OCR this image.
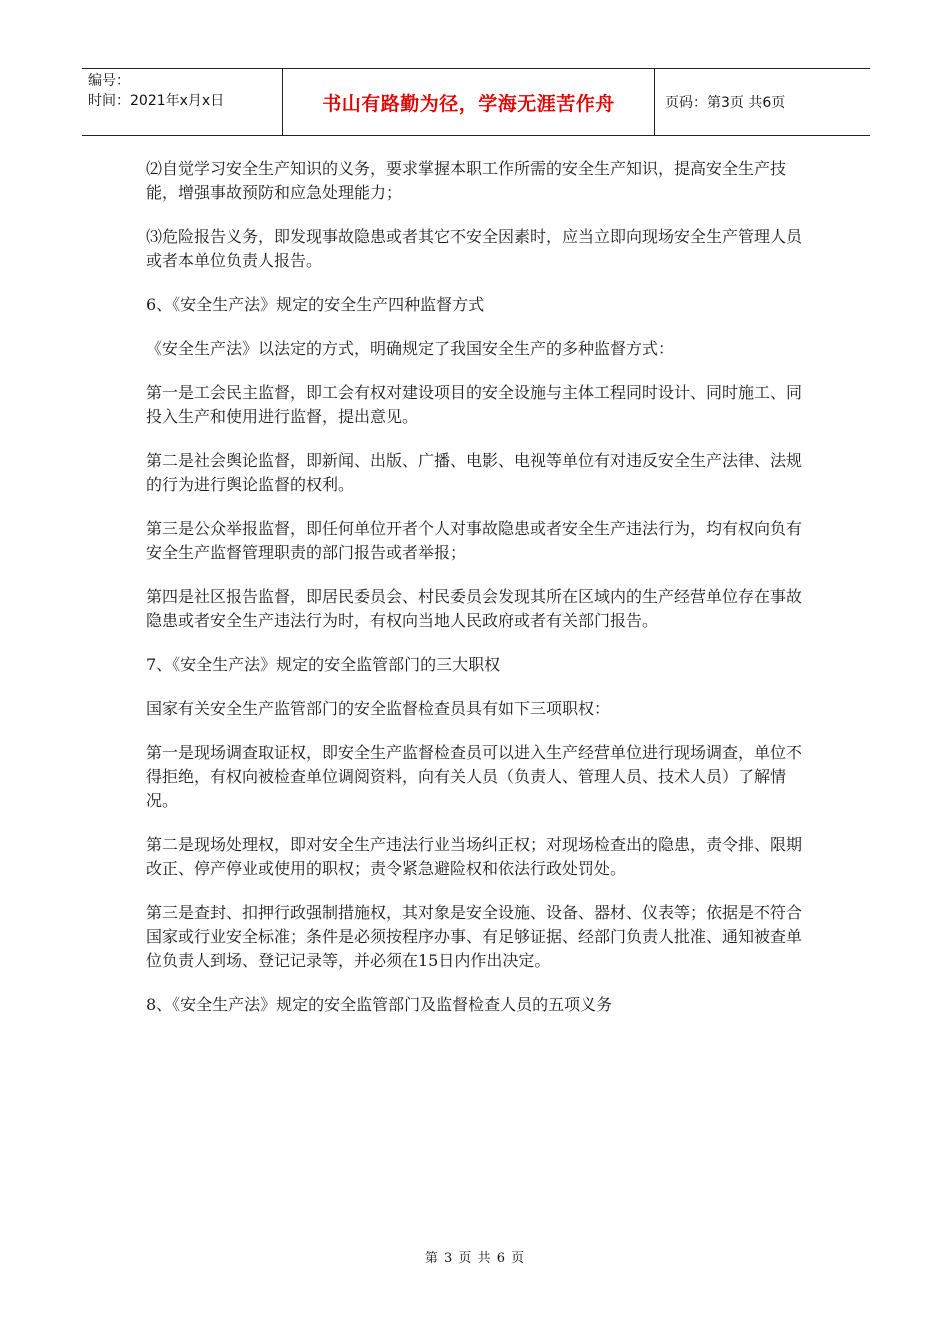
编号：
时间：2021年x月x日	书山有路勤为径，学海无涯苦作舟	页码：第3页 共6页

⑵自觉学习安全生产知识的义务，要求掌握本职工作所需的安全生产知识，提高安全生产技能，增强事故预防和应急处理能力；

⑶危险报告义务，即发现事故隐患或者其它不安全因素时，应当立即向现场安全生产管理人员或者本单位负责人报告。

6、《安全生产法》规定的安全生产四种监督方式

《安全生产法》以法定的方式，明确规定了我国安全生产的多种监督方式：

第一是工会民主监督，即工会有权对建设项目的安全设施与主体工程同时设计、同时施工、同投入生产和使用进行监督，提出意见。

第二是社会舆论监督，即新闻、出版、广播、电影、电视等单位有对违反安全生产法律、法规的行为进行舆论监督的权利。

第三是公众举报监督，即任何单位开者个人对事故隐患或者安全生产违法行为，均有权向负有安全生产监督管理职责的部门报告或者举报；

第四是社区报告监督，即居民委员会、村民委员会发现其所在区域内的生产经营单位存在事故隐患或者安全生产违法行为时，有权向当地人民政府或者有关部门报告。

7、《安全生产法》规定的安全监管部门的三大职权

国家有关安全生产监管部门的安全监督检查员具有如下三项职权：

第一是现场调查取证权，即安全生产监督检查员可以进入生产经营单位进行现场调查，单位不得拒绝，有权向被检查单位调阅资料，向有关人员（负责人、管理人员、技术人员）了解情况。

第二是现场处理权，即对安全生产违法行业当场纠正权；对现场检查出的隐患，责令排、限期改正、停产停业或使用的职权；责令紧急避险权和依法行政处罚处。

第三是查封、扣押行政强制措施权，其对象是安全设施、设备、器材、仪表等；依据是不符合国家或行业安全标准；条件是必须按程序办事、有足够证据、经部门负责人批准、通知被查单位负责人到场、登记记录等，并必须在15日内作出决定。

8、《安全生产法》规定的安全监管部门及监督检查人员的五项义务

第 3 页 共 6 页
